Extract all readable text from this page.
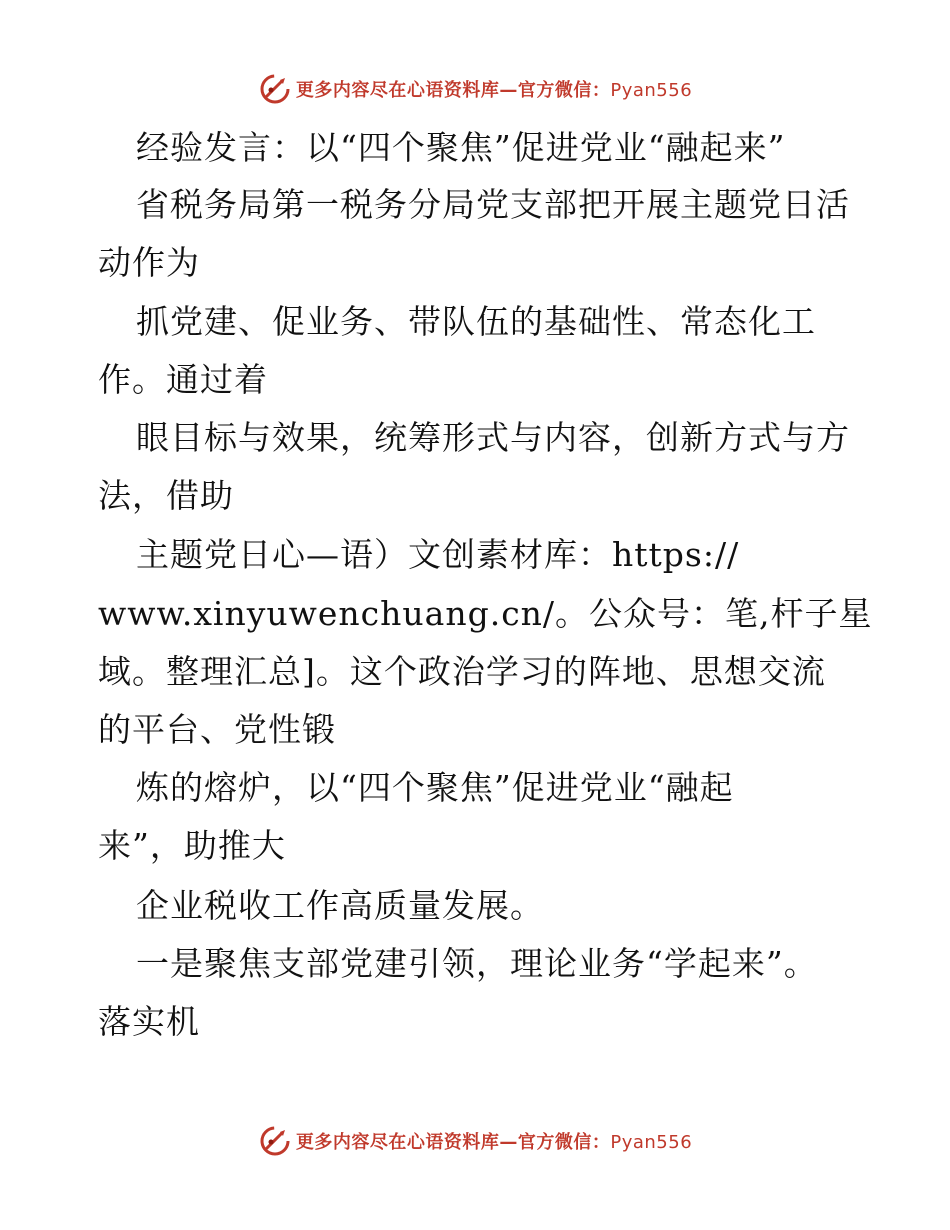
更多内容尽在心语资料库—官方微信：Pyan556
经验发言：以“四个聚焦”促进党业“融起来”
省税务局第一税务分局党支部把开展主题党日活
动作为
抓党建、促业务、带队伍的基础性、常态化工
作。通过着
眼目标与效果，统筹形式与内容，创新方式与方
法，借助
主题党日心—语）文创素材库：https://
www.xinyuwenchuang.cn/。公众号：笔,杆子星
域。整理汇总]。这个政治学习的阵地、思想交流
的平台、党性锻
炼的熔炉，以“四个聚焦”促进党业“融起
来”，助推大
企业税收工作高质量发展。
一是聚焦支部党建引领，理论业务“学起来”。
落实机
更多内容尽在心语资料库—官方微信：Pyan556
